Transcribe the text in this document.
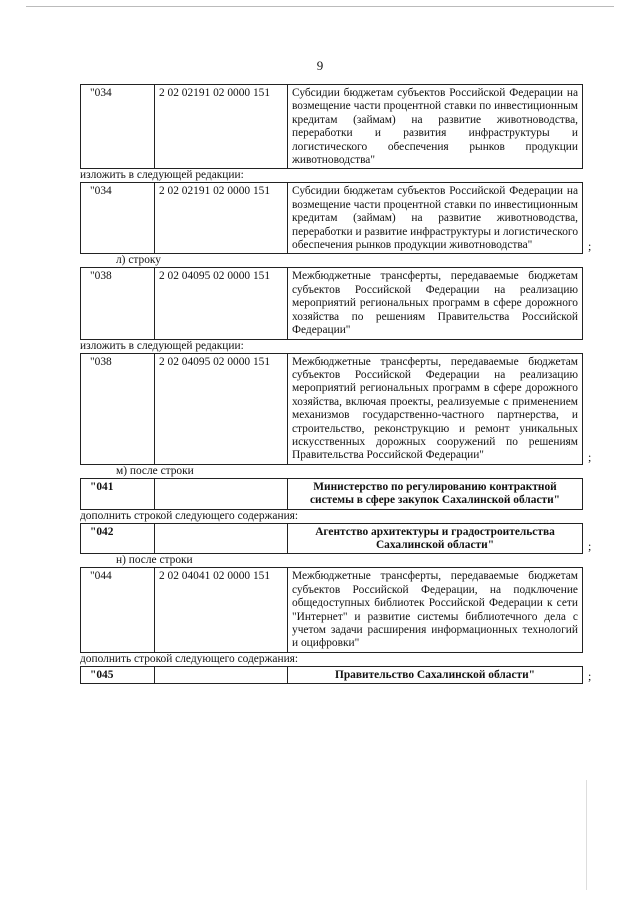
9
"034	2 02 02191 02 0000 151	Субсидии бюджетам субъектов Российской Федерации на возмещение части процентной ставки по инвестиционным кредитам (займам) на развитие животноводства, переработки и развития инфраструктуры и логистического обеспечения рынков продукции животноводства"

изложить в следующей редакции:

"034	2 02 02191 02 0000 151	Субсидии бюджетам субъектов Российской Федерации на возмещение части процентной ставки по инвестиционным кредитам (займам) на развитие животноводства, переработки и развитие инфраструктуры и логистического обеспечения рынков продукции животноводства"	;

л) строку

"038	2 02 04095 02 0000 151	Межбюджетные трансферты, передаваемые бюджетам субъектов Российской Федерации на реализацию мероприятий региональных программ в сфере дорожного хозяйства по решениям Правительства Российской Федерации"

изложить в следующей редакции:

"038	2 02 04095 02 0000 151	Межбюджетные трансферты, передаваемые бюджетам субъектов Российской Федерации на реализацию мероприятий региональных программ в сфере дорожного хозяйства, включая проекты, реализуемые с применением механизмов государственно-частного партнерства, и строительство, реконструкцию и ремонт уникальных искусственных дорожных сооружений по решениям Правительства Российской Федерации"	;

м) после строки

"041		Министерство по регулированию контрактной системы в сфере закупок Сахалинской области"

дополнить строкой следующего содержания:

"042		Агентство архитектуры и градостроительства Сахалинской области"	;

н) после строки

"044	2 02 04041 02 0000 151	Межбюджетные трансферты, передаваемые бюджетам субъектов Российской Федерации, на подключение общедоступных библиотек Российской Федерации к сети "Интернет" и развитие системы библиотечного дела с учетом задачи расширения информационных технологий и оцифровки"

дополнить строкой следующего содержания:

"045		Правительство Сахалинской области"	;
